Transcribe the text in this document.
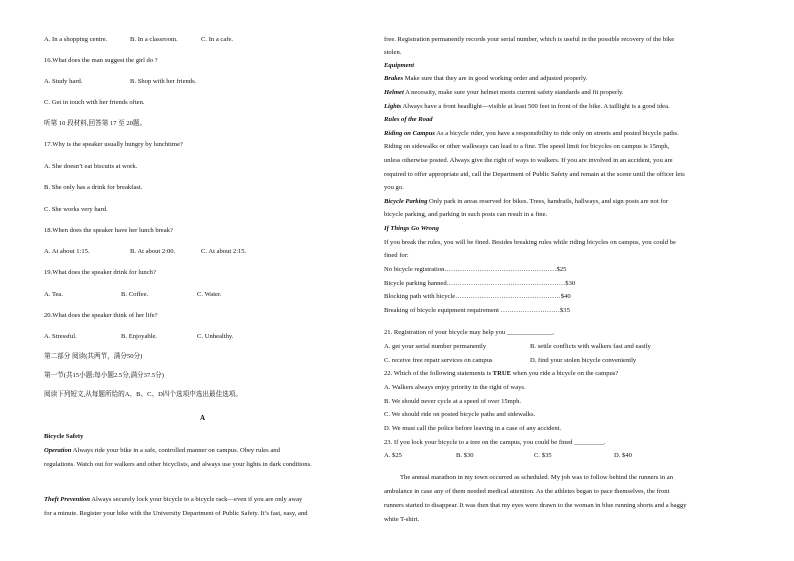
A. In a shopping centre.	B. In a classroom.	C. In a cafe.
16.What does the man suggest the girl do ?
A. Study hard.	B. Shop with her friends.
C. Get in touch with her friends often.
听第 10 段材料,回答第 17 至 20题。
17.Why is the speaker usually hungry by lunchtime?
A. She doesn’t eat biscuits at work.
B. She only has a drink for breakfast.
C. She works very hard.
18.When does the speaker have her lunch break?
A. At about 1:15.	B. At about 2:00.	C. At about 2:15.
19.What does the speaker drink for lunch?
A. Tea.	B. Coffee.	C. Water.
20.What does the speaker think of her life?
A. Stressful.	B. Enjoyable.	C. Unhealthy.
第二部分 阅读(共两节，满分50分)
第一节(共15小题;每小题2.5分,满分37.5分)
阅读下列短文,从每题所给的A、B、C、D四个选项中选出最佳选项。
A
Bicycle Safety
Operation Always ride your bike in a safe, controlled manner on campus. Obey rules and
regulations. Watch out for walkers and other bicyclists, and always use your lights in dark conditions.
Theft Prevention Always securely lock your bicycle to a bicycle rack—even if you are only away
for a minute. Register your bike with the University Department of Public Safety. It’s fast, easy, and
free. Registration permanently records your serial number, which is useful in the possible recovery of the bike
stolen.
Equipment
Brakes Make sure that they are in good working order and adjusted properly.
Helmet A necessity, make sure your helmet meets current safety standards and fit properly.
Lights Always have a front headlight—visible at least 500 feet in front of the bike. A taillight is a good idea.
Rules of the Road
Riding on Campus As a bicycle rider, you have a responsibility to ride only on streets and posted bicycle paths.
Riding on sidewalks or other walkways can lead to a fine. The speed limit for bicycles on campus is 15mph,
unless otherwise posted. Always give the right of ways to walkers. If you are involved in an accident, you are
required to offer appropriate aid, call the Department of Public Safety and remain at the scene until the officer lets
you go.
Bicycle Parking Only park in areas reserved for bikes. Trees, handrails, hallways, and sign posts are not for
bicycle parking, and parking in such posts can result in a fine.
If Things Go Wrong
If you break the rules, you will be fined. Besides breaking rules while riding bicycles on campus, you could be
fined for:
No bicycle registration……………………………………………$25
Bicycle parking banned………………………………………………$30
Blocking path with bicycle…………………………………………$40
Breaking of bicycle equipment requirement ………………………$35
21. Registration of your bicycle may help you ______________.
A. get your serial number permanently	B. settle conflicts with walkers fast and easily
C. receive free repair services on campus	D. find your stolen bicycle conveniently
22. Which of the following statements is TRUE when you ride a bicycle on the campus?
A. Walkers always enjoy priority in the right of ways.
B. We should never cycle at a speed of over 15mph.
C. We should ride on posted bicycle paths and sidewalks.
D. We must call the police before leaving in a case of any accident.
23. If you lock your bicycle to a tree on the campus, you could be fined _________.
A. $25	B. $30	C. $35	D. $40
The annual marathon in my town occurred as scheduled. My job was to follow behind the runners in an
ambulance in case any of them needed medical attention. As the athletes began to pace themselves, the front
runners started to disappear. It was then that my eyes were drawn to the woman in blue running shorts and a baggy
white T-shirt.
